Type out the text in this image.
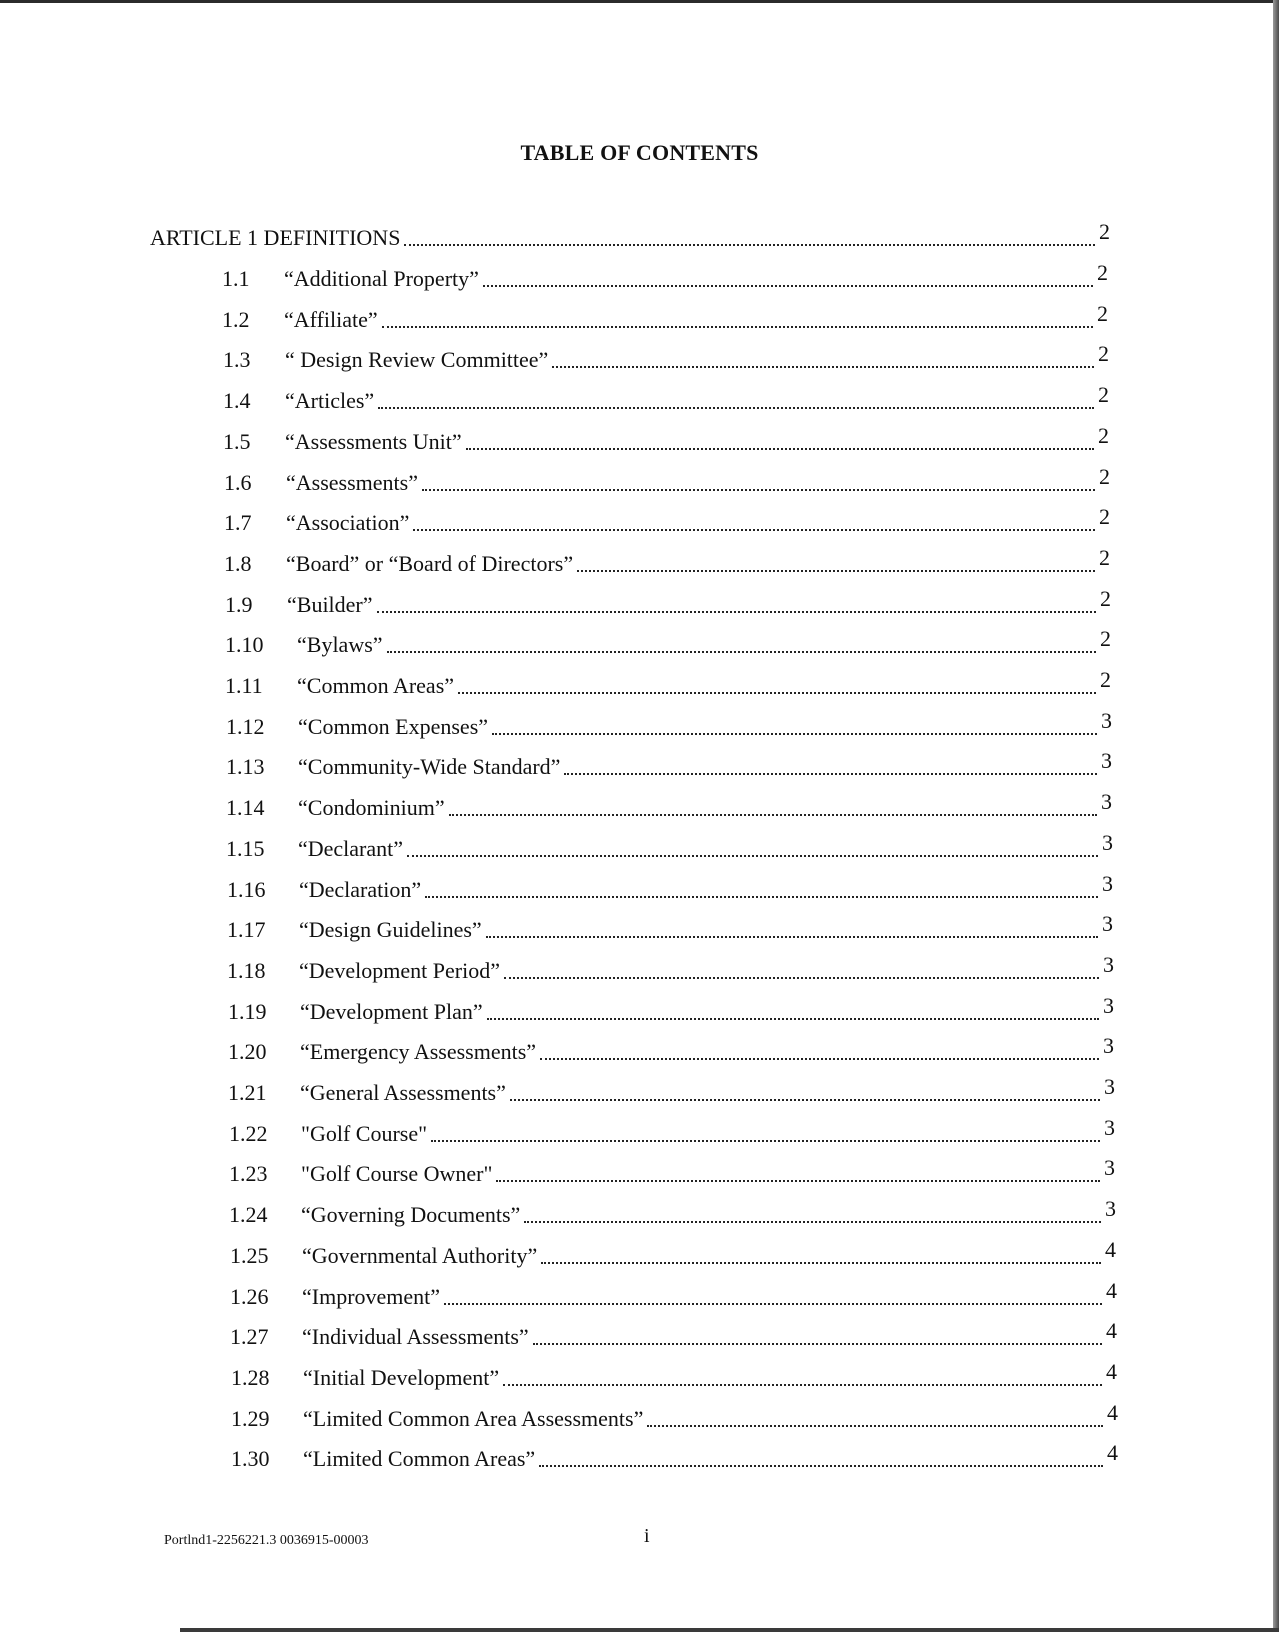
TABLE OF CONTENTS
ARTICLE 1 DEFINITIONS	2
1.1	“Additional Property”	2
1.2	“Affiliate”	2
1.3	“ Design Review Committee”	2
1.4	“Articles”	2
1.5	“Assessments Unit”	2
1.6	“Assessments”	2
1.7	“Association”	2
1.8	“Board” or “Board of Directors”	2
1.9	“Builder”	2
1.10	“Bylaws”	2
1.11	“Common Areas”	2
1.12	“Common Expenses”	3
1.13	“Community-Wide Standard”	3
1.14	“Condominium”	3
1.15	“Declarant”	3
1.16	“Declaration”	3
1.17	“Design Guidelines”	3
1.18	“Development Period”	3
1.19	“Development Plan”	3
1.20	“Emergency Assessments”	3
1.21	“General Assessments”	3
1.22	"Golf Course"	3
1.23	"Golf Course Owner"	3
1.24	“Governing Documents”	3
1.25	“Governmental Authority”	4
1.26	“Improvement”	4
1.27	“Individual Assessments”	4
1.28	“Initial Development”	4
1.29	“Limited Common Area Assessments”	4
1.30	“Limited Common Areas”	4
Portlnd1-2256221.3 0036915-00003	i
